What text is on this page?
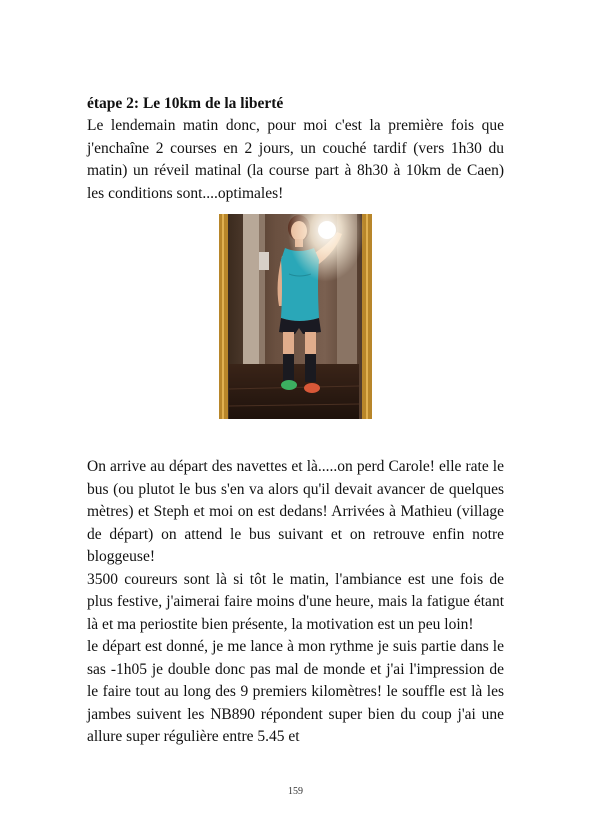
étape 2: Le 10km de la liberté

Le lendemain matin donc, pour moi c'est la première fois que j'enchaîne 2 courses en 2 jours, un couché tardif (vers 1h30 du matin) un réveil matinal (la course part à 8h30 à 10km de Caen) les conditions sont....optimales!

On arrive au départ des navettes et là.....on perd Carole! elle rate le bus (ou plutot le bus s'en va alors qu'il devait avancer de quelques mètres) et Steph et moi on est dedans! Arrivées à Mathieu (village de départ) on attend le bus suivant et on retrouve enfin notre bloggeuse!

3500 coureurs sont là si tôt le matin, l'ambiance est une fois de plus festive, j'aimerai faire moins d'une heure, mais la fatigue étant là et ma periostite bien présente, la motivation est un peu loin!

le départ est donné, je me lance à mon rythme je suis partie dans le sas -1h05 je double donc pas mal de monde et j'ai l'impression de le faire tout au long des 9 premiers kilomètres! le souffle est là les jambes suivent les NB890 répondent super bien du coup j'ai une allure super régulière entre 5.45 et

159
